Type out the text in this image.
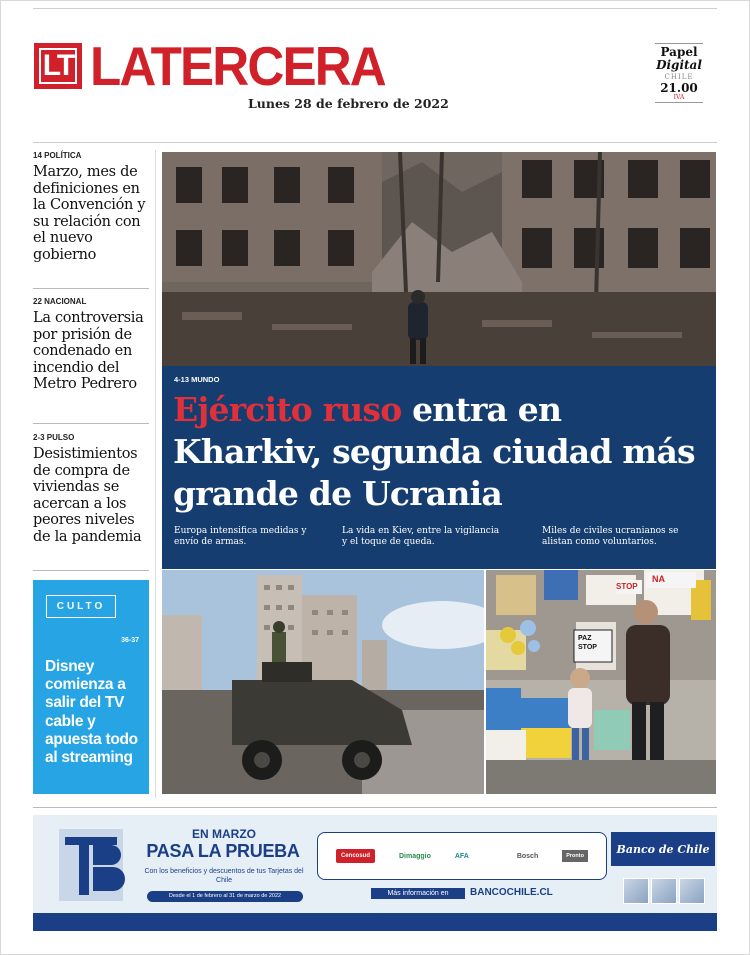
LT LATERCERA
Lunes 28 de febrero de 2022
Papel
Digital
CHILE
21.00
IVA
14 POLÍTICA
Marzo, mes de definiciones en la Convención y su relación con el nuevo gobierno
22 NACIONAL
La controversia por prisión de condenado en incendio del Metro Pedrero
2-3 PULSO
Desistimientos de compra de viviendas se acercan a los peores niveles de la pandemia
CULTO
36-37
Disney comienza a salir del TV cable y apuesta todo al streaming
4-13 MUNDO
Ejército ruso entra en Kharkiv, segunda ciudad más grande de Ucrania
Europa intensifica medidas y envío de armas.
La vida en Kiev, entre la vigilancia y el toque de queda.
Miles de civiles ucranianos se alistan como voluntarios.
STOP
NA
PAZ STOP
EN MARZO
PASA LA PRUEBA
Con los beneficios y descuentos de tus Tarjetas del Chile
Desde el 1 de febrero al 31 de marzo de 2022
Cencosud	Dimaggio	AFA	Bosch	Pronto
Banco de Chile
Más información en	BANCOCHILE.CL
